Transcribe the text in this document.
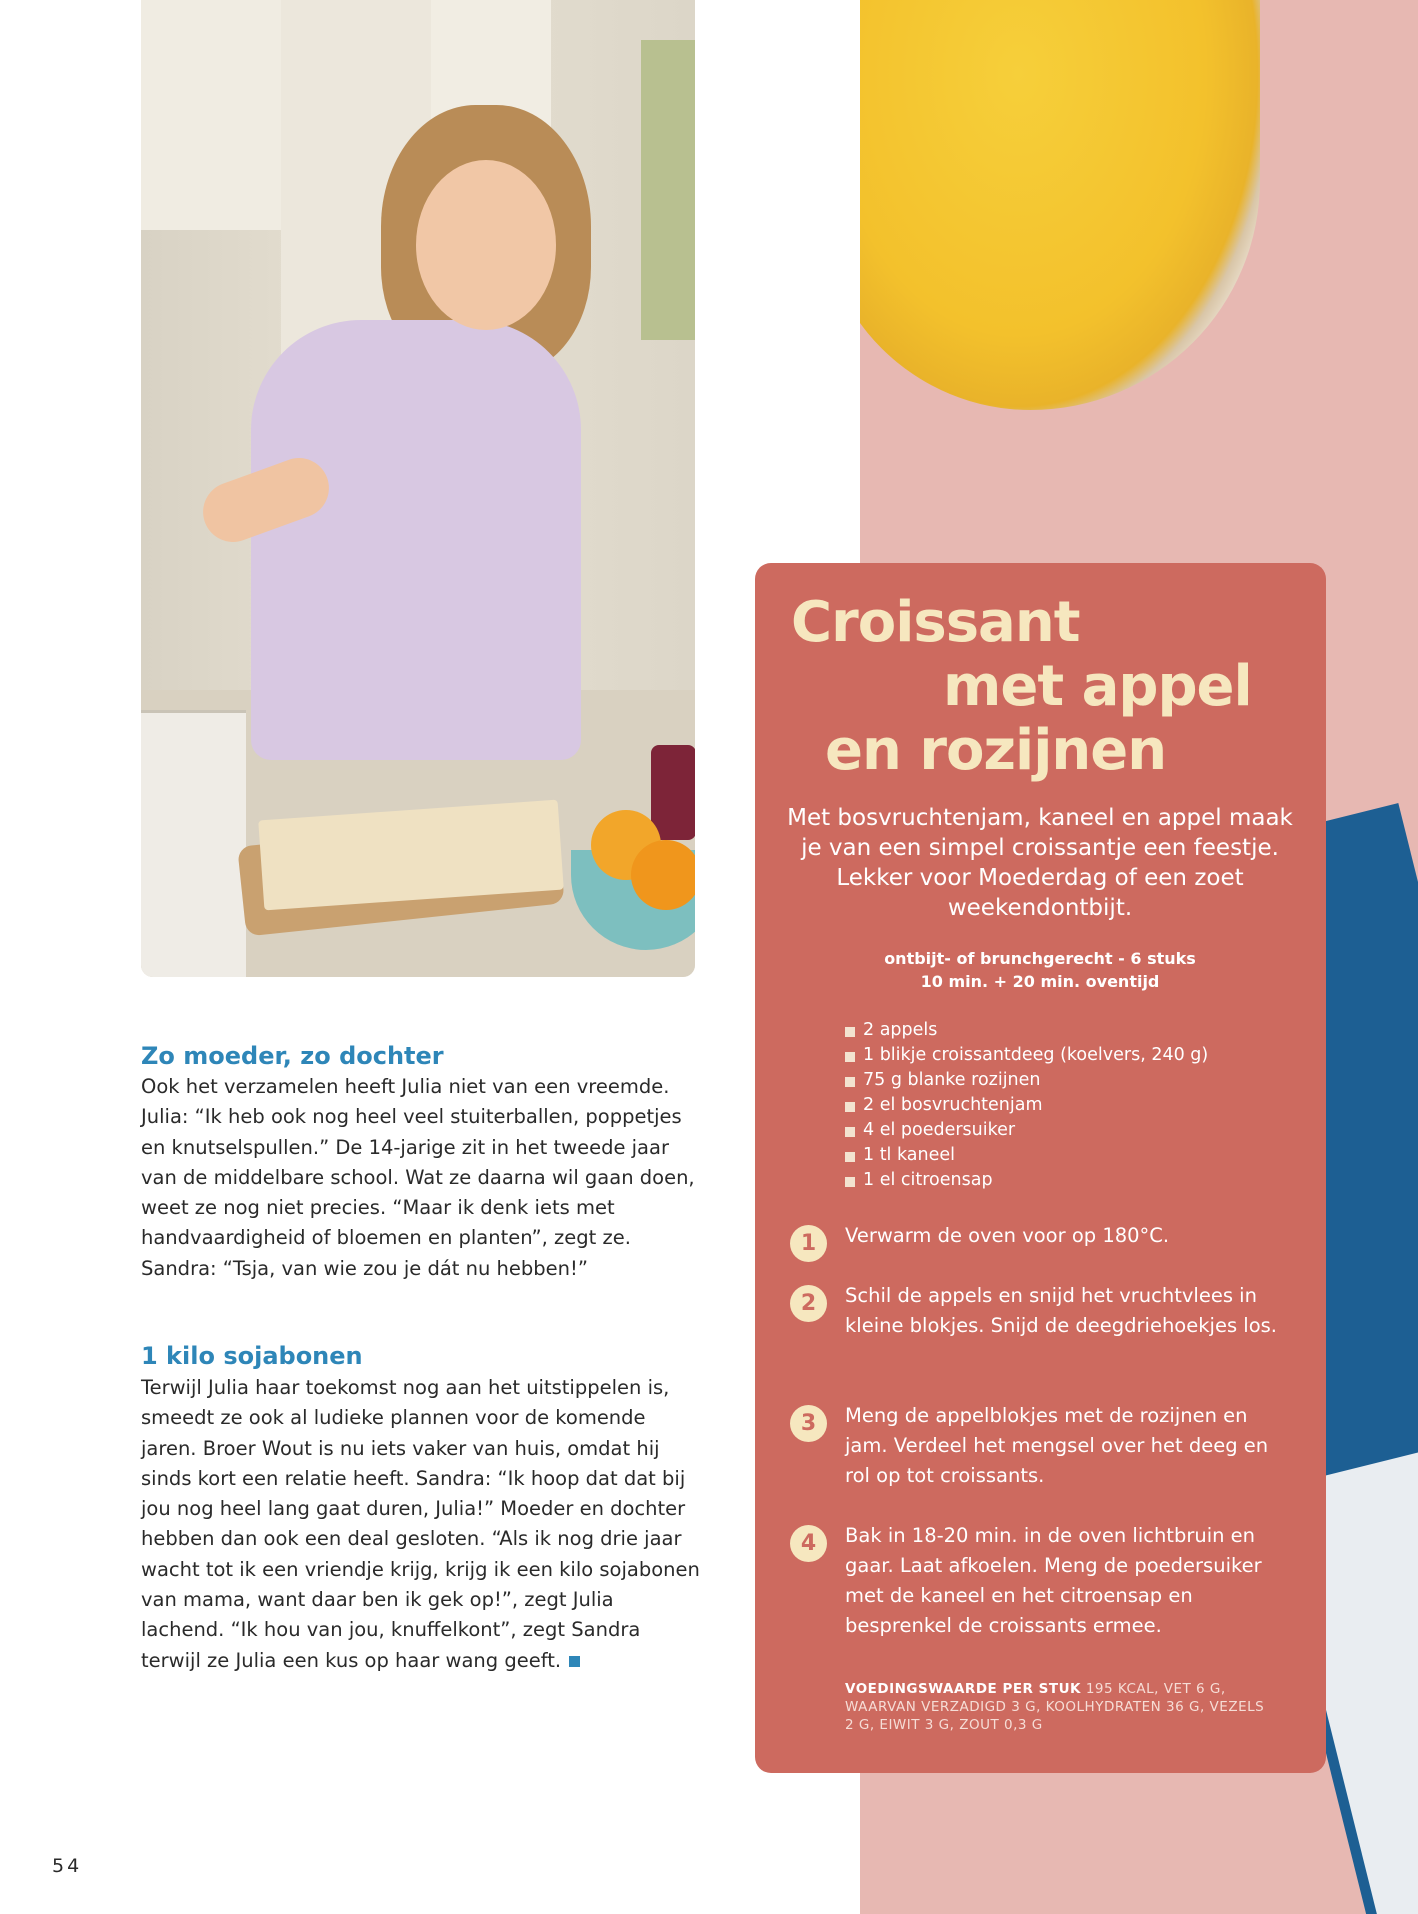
Croissant
met appel
en rozijnen
Met bosvruchtenjam, kaneel en appel maak je van een simpel croissantje een feestje. Lekker voor Moederdag of een zoet weekendontbijt.
ontbijt- of brunchgerecht - 6 stuks
10 min. + 20 min. oventijd
2 appels
1 blikje croissantdeeg (koelvers, 240 g)
75 g blanke rozijnen
2 el bosvruchtenjam
4 el poedersuiker
1 tl kaneel
1 el citroensap
1	Verwarm de oven voor op 180°C.
2	Schil de appels en snijd het vruchtvlees in kleine blokjes. Snijd de deegdriehoekjes los.
3	Meng de appelblokjes met de rozijnen en jam. Verdeel het mengsel over het deeg en rol op tot croissants.
4	Bak in 18-20 min. in de oven lichtbruin en gaar. Laat afkoelen. Meng de poedersuiker met de kaneel en het citroensap en besprenkel de croissants ermee.
VOEDINGSWAARDE PER STUK 195 KCAL, VET 6 G, WAARVAN VERZADIGD 3 G, KOOLHYDRATEN 36 G, VEZELS 2 G, EIWIT 3 G, ZOUT 0,3 G
Zo moeder, zo dochter
Ook het verzamelen heeft Julia niet van een vreemde. Julia: “Ik heb ook nog heel veel stuiterballen, poppetjes en knutselspullen.” De 14-jarige zit in het tweede jaar van de middelbare school. Wat ze daarna wil gaan doen, weet ze nog niet precies. “Maar ik denk iets met handvaardigheid of bloemen en planten”, zegt ze. Sandra: “Tsja, van wie zou je dát nu hebben!”
1 kilo sojabonen
Terwijl Julia haar toekomst nog aan het uitstippelen is, smeedt ze ook al ludieke plannen voor de komende jaren. Broer Wout is nu iets vaker van huis, omdat hij sinds kort een relatie heeft. Sandra: “Ik hoop dat dat bij jou nog heel lang gaat duren, Julia!” Moeder en dochter hebben dan ook een deal gesloten. “Als ik nog drie jaar wacht tot ik een vriendje krijg, krijg ik een kilo sojabonen van mama, want daar ben ik gek op!”, zegt Julia lachend. “Ik hou van jou, knuffelkont”, zegt Sandra terwijl ze Julia een kus op haar wang geeft.
54
